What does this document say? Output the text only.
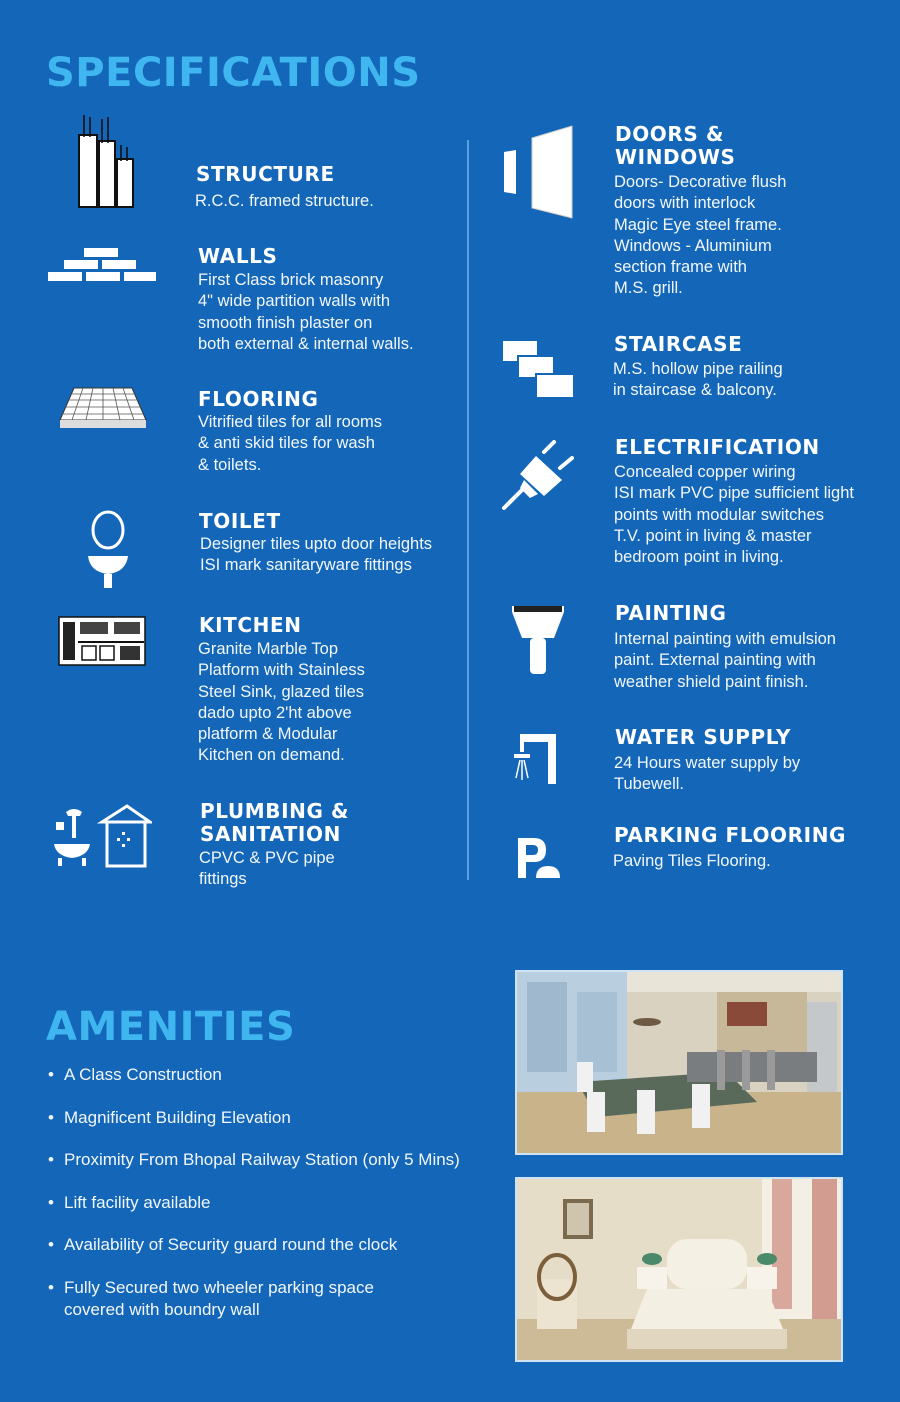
SPECIFICATIONS
STRUCTURE

R.C.C. framed structure.

WALLS

First Class brick masonry
4" wide partition walls with
smooth finish plaster on
both external & internal walls.

FLOORING

Vitrified tiles for all rooms
& anti skid tiles for wash
& toilets.

TOILET

Designer tiles upto door heights
ISI mark sanitaryware fittings

KITCHEN

Granite Marble Top
Platform with Stainless
Steel Sink, glazed tiles
dado upto 2'ht above
platform & Modular
Kitchen on demand.

PLUMBING &
SANITATION

CPVC & PVC pipe
fittings

DOORS &
WINDOWS

Doors- Decorative flush
doors with interlock
Magic Eye steel frame.
Windows - Aluminium
section frame with
M.S. grill.

STAIRCASE

M.S. hollow pipe railing
in staircase & balcony.

ELECTRIFICATION

Concealed copper wiring
ISI mark PVC pipe sufficient light
points with modular switches
T.V. point in living & master
bedroom point in living.

PAINTING

Internal painting with emulsion
paint. External painting with
weather shield paint finish.

WATER SUPPLY

24 Hours water supply by
Tubewell.

PARKING FLOORING

Paving Tiles Flooring.

AMENITIES
• A Class Construction
• Magnificent Building Elevation
• Proximity From Bhopal Railway Station (only 5 Mins)
• Lift facility available
• Availability of Security guard round the clock
• Fully Secured two wheeler parking space
covered with boundry wall
